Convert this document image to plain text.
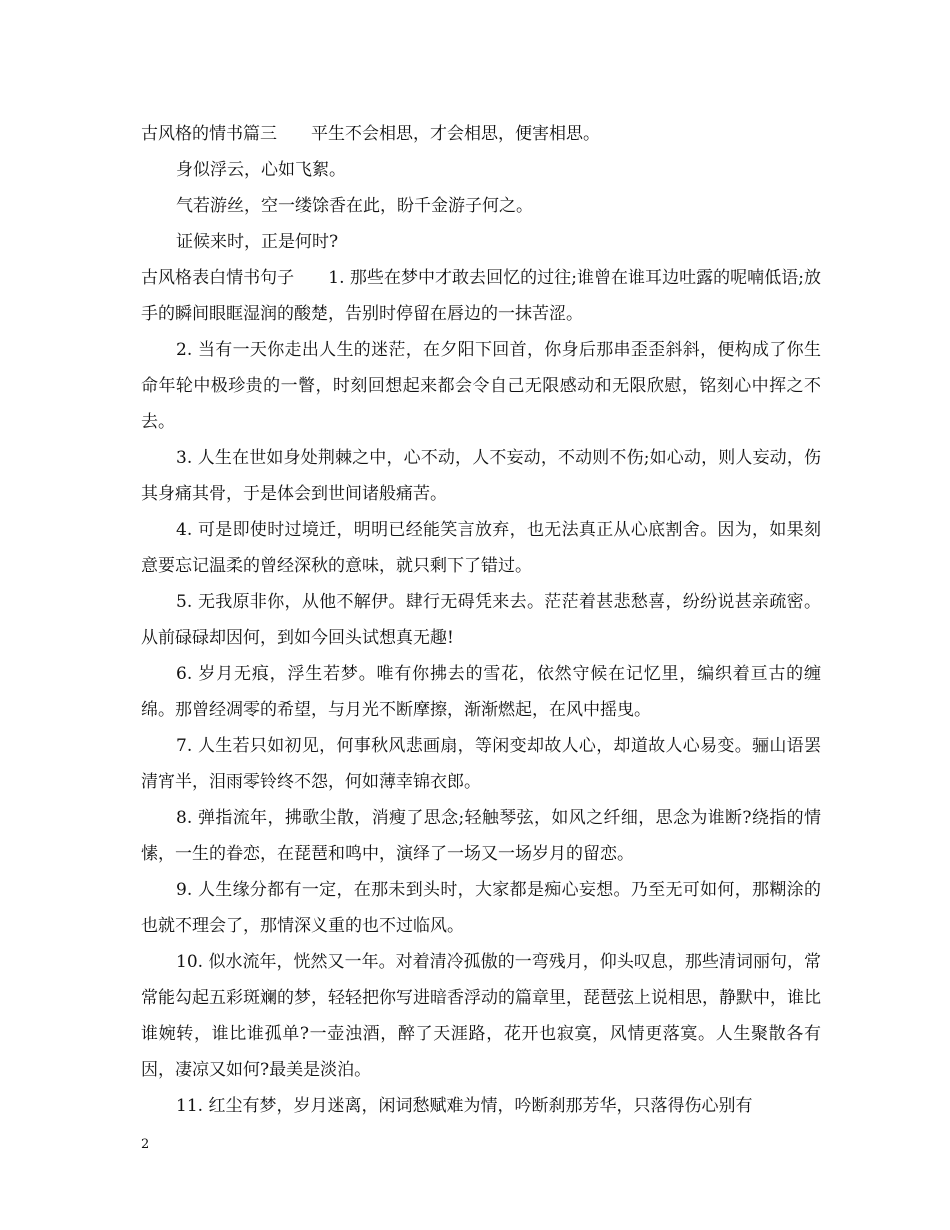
古风格的情书篇三　　平生不会相思，才会相思，便害相思。

身似浮云，心如飞絮。

气若游丝，空一缕馀香在此，盼千金游子何之。

证候来时，正是何时?

古风格表白情书句子　　1. 那些在梦中才敢去回忆的过往;谁曾在谁耳边吐露的呢喃低语;放手的瞬间眼眶湿润的酸楚，告别时停留在唇边的一抹苦涩。

2. 当有一天你走出人生的迷茫，在夕阳下回首，你身后那串歪歪斜斜，便构成了你生命年轮中极珍贵的一瞥，时刻回想起来都会令自己无限感动和无限欣慰，铭刻心中挥之不去。

3. 人生在世如身处荆棘之中，心不动，人不妄动，不动则不伤;如心动，则人妄动，伤其身痛其骨，于是体会到世间诸般痛苦。

4. 可是即使时过境迁，明明已经能笑言放弃，也无法真正从心底割舍。因为，如果刻意要忘记温柔的曾经深秋的意味，就只剩下了错过。

5. 无我原非你，从他不解伊。肆行无碍凭来去。茫茫着甚悲愁喜，纷纷说甚亲疏密。从前碌碌却因何，到如今回头试想真无趣!

6. 岁月无痕，浮生若梦。唯有你拂去的雪花，依然守候在记忆里，编织着亘古的缠绵。那曾经凋零的希望，与月光不断摩擦，渐渐燃起，在风中摇曳。

7. 人生若只如初见，何事秋风悲画扇，等闲变却故人心，却道故人心易变。骊山语罢清宵半，泪雨零铃终不怨，何如薄幸锦衣郎。

8. 弹指流年，拂歌尘散，消瘦了思念;轻触琴弦，如风之纤细，思念为谁断?绕指的情愫，一生的眷恋，在琵琶和鸣中，演绎了一场又一场岁月的留恋。

9. 人生缘分都有一定，在那未到头时，大家都是痴心妄想。乃至无可如何，那糊涂的也就不理会了，那情深义重的也不过临风。

10. 似水流年，恍然又一年。对着清冷孤傲的一弯残月，仰头叹息，那些清词丽句，常常能勾起五彩斑斓的梦，轻轻把你写进暗香浮动的篇章里，琵琶弦上说相思，静默中，谁比谁婉转，谁比谁孤单?一壶浊酒，醉了天涯路，花开也寂寞，风情更落寞。人生聚散各有因，凄凉又如何?最美是淡泊。

11. 红尘有梦，岁月迷离，闲词愁赋难为情，吟断刹那芳华，只落得伤心别有

2
